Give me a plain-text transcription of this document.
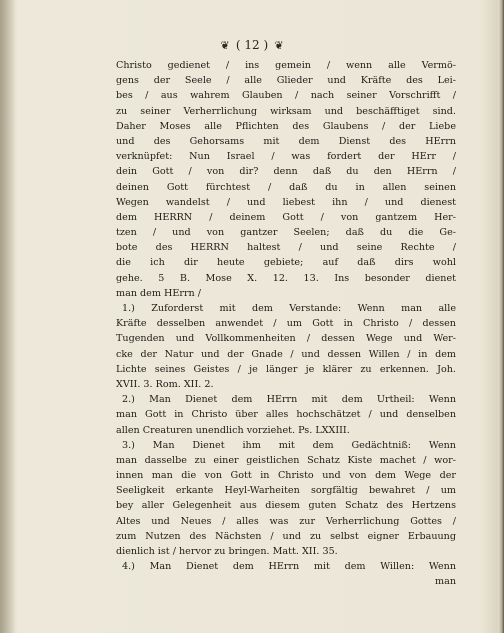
❦ ( 12 ) ❦
Christo gedienet / ins gemein / wenn alle Vermö-
gens der Seele / alle Glieder und Kräfte des Lei-
bes / aus wahrem Glauben / nach seiner Vorschrifft /
zu seiner Verherrlichung wirksam und beschäfftiget sind.
Daher Moses alle Pflichten des Glaubens / der Liebe
und des Gehorsams mit dem Dienst des HErrn
verknüpfet: Nun Israel / was fordert der HErr /
dein Gott / von dir? denn daß du den HErrn /
deinen Gott fürchtest / daß du in allen seinen
Wegen wandelst / und liebest ihn / und dienest
dem HERRN / deinem Gott / von gantzem Her-
tzen / und von gantzer Seelen; daß du die Ge-
bote des HERRN haltest / und seine Rechte /
die ich dir heute gebiete; auf daß dirs wohl
gehe. 5 B. Mose X. 12. 13. Ins besonder dienet
man dem HErrn /
1.) Zuforderst mit dem Verstande: Wenn man alle
Kräfte desselben anwendet / um Gott in Christo / dessen
Tugenden und Vollkommenheiten / dessen Wege und Wer-
cke der Natur und der Gnade / und dessen Willen / in dem
Lichte seines Geistes / je länger je klärer zu erkennen. Joh.
XVII. 3. Rom. XII. 2.
2.) Man Dienet dem HErrn mit dem Urtheil: Wenn
man Gott in Christo über alles hochschätzet / und denselben
allen Creaturen unendlich vorziehet. Ps. LXXIII.
3.) Man Dienet ihm mit dem Gedächtniß: Wenn
man dasselbe zu einer geistlichen Schatz Kiste machet / wor-
innen man die von Gott in Christo und von dem Wege der
Seeligkeit erkante Heyl-Warheiten sorgfältig bewahret / um
bey aller Gelegenheit aus diesem guten Schatz des Hertzens
Altes und Neues / alles was zur Verherrlichung Gottes /
zum Nutzen des Nächsten / und zu selbst eigner Erbauung
dienlich ist / hervor zu bringen. Matt. XII. 35.
4.) Man Dienet dem HErrn mit dem Willen: Wenn
man
